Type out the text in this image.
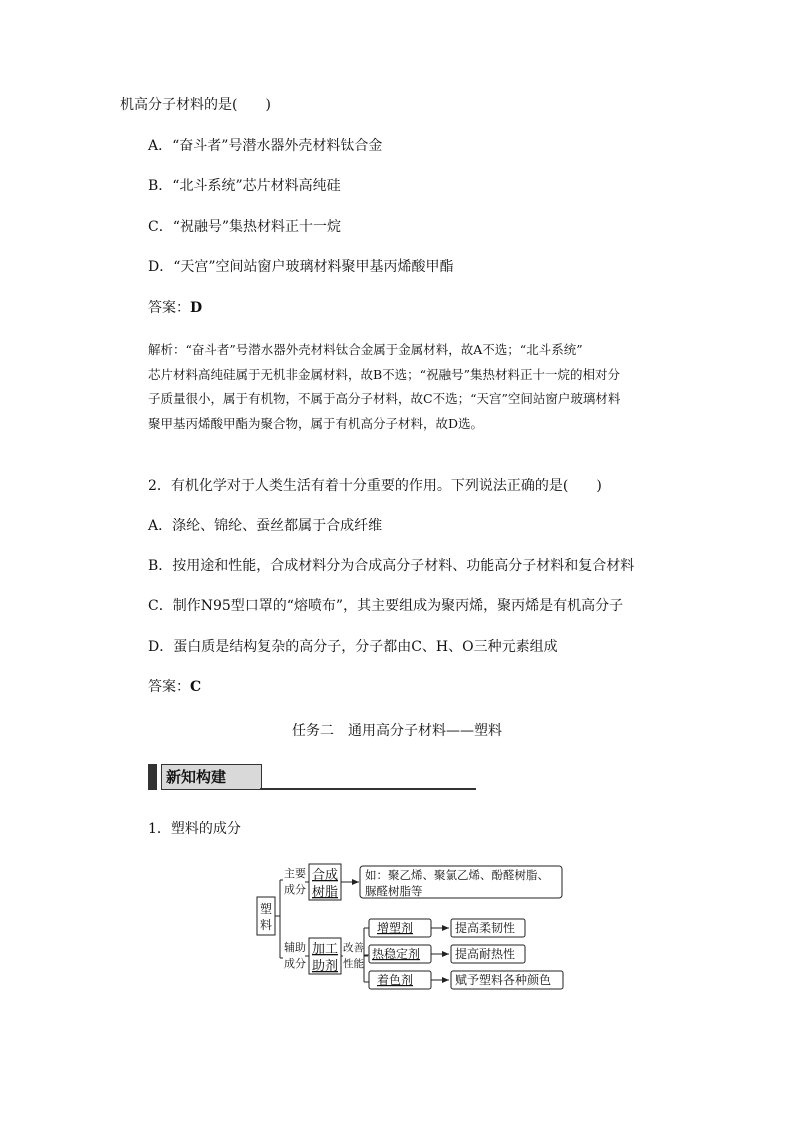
机高分子材料的是(　　)
A．“奋斗者”号潜水器外壳材料钛合金
B．“北斗系统”芯片材料高纯硅
C．“祝融号”集热材料正十一烷
D．“天宫”空间站窗户玻璃材料聚甲基丙烯酸甲酯
答案：D

解析：“奋斗者”号潜水器外壳材料钛合金属于金属材料，故A不选；“北斗系统”

芯片材料高纯硅属于无机非金属材料，故B不选；“祝融号”集热材料正十一烷的相对分

子质量很小，属于有机物，不属于高分子材料，故C不选；“天宫”空间站窗户玻璃材料

聚甲基丙烯酸甲酯为聚合物，属于有机高分子材料，故D选。

2．有机化学对于人类生活有着十分重要的作用。下列说法正确的是(　　)
A．涤纶、锦纶、蚕丝都属于合成纤维
B．按用途和性能，合成材料分为合成高分子材料、功能高分子材料和复合材料
C．制作N95型口罩的“熔喷布”，其主要组成为聚丙烯，聚丙烯是有机高分子
D．蛋白质是结构复杂的高分子，分子都由C、H、O三种元素组成
答案：C
任务二　通用高分子材料——塑料
新知构建
1．塑料的成分
塑
料
主要
成分
合成
树脂
如：聚乙烯、聚氯乙烯、酚醛树脂、
脲醛树脂等
辅助
成分
加工
助剂
改善
性能
增塑剂
热稳定剂
着色剂
提高柔韧性
提高耐热性
赋予塑料各种颜色
